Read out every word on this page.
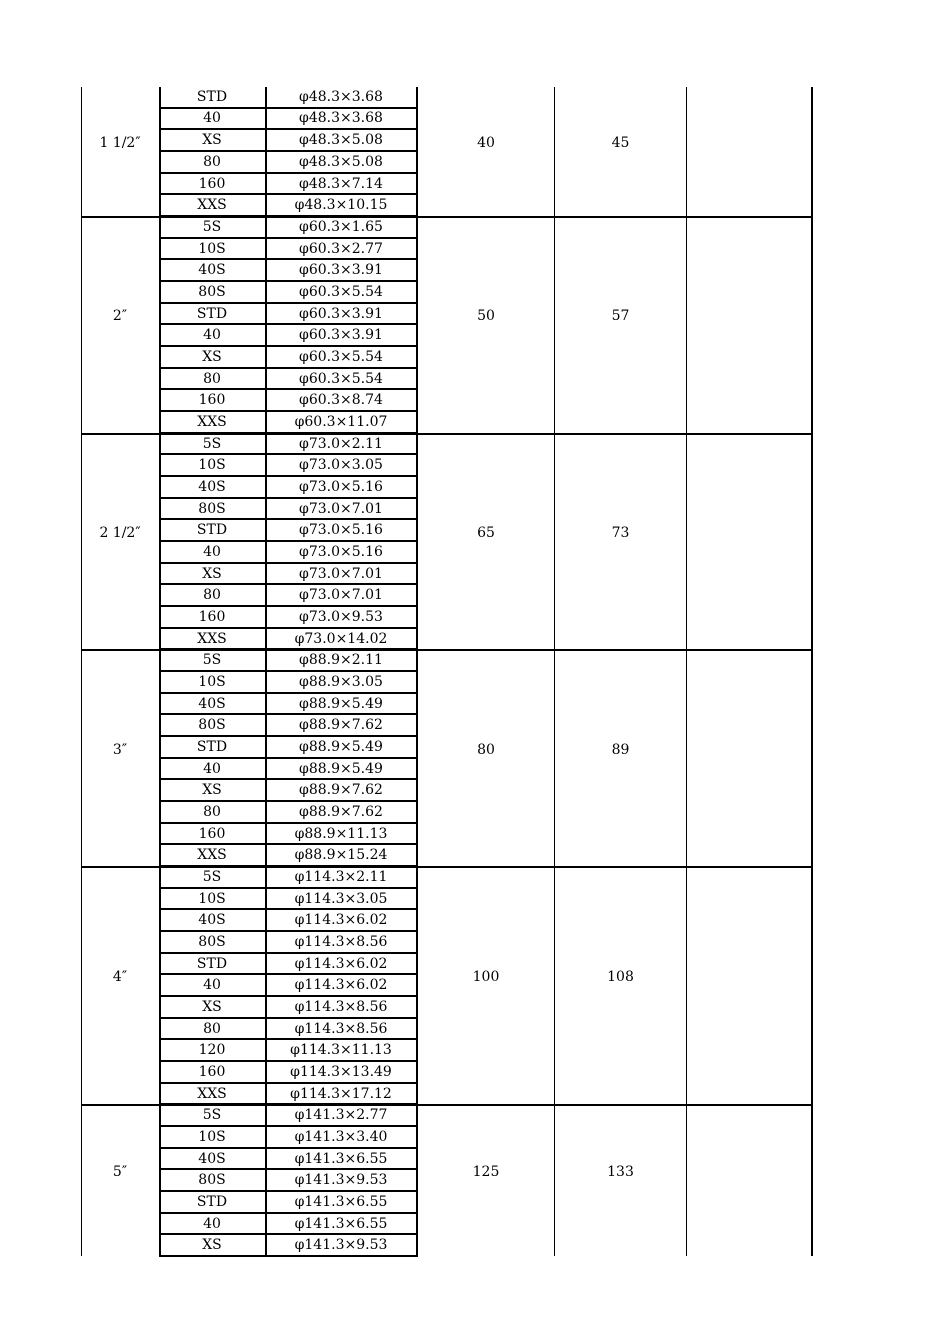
1 1/2″	40	45
STD	φ48.3×3.68
40	φ48.3×3.68
XS	φ48.3×5.08
80	φ48.3×5.08
160	φ48.3×7.14
XXS	φ48.3×10.15
2″	50	57
5S	φ60.3×1.65
10S	φ60.3×2.77
40S	φ60.3×3.91
80S	φ60.3×5.54
STD	φ60.3×3.91
40	φ60.3×3.91
XS	φ60.3×5.54
80	φ60.3×5.54
160	φ60.3×8.74
XXS	φ60.3×11.07
2 1/2″	65	73
5S	φ73.0×2.11
10S	φ73.0×3.05
40S	φ73.0×5.16
80S	φ73.0×7.01
STD	φ73.0×5.16
40	φ73.0×5.16
XS	φ73.0×7.01
80	φ73.0×7.01
160	φ73.0×9.53
XXS	φ73.0×14.02
3″	80	89
5S	φ88.9×2.11
10S	φ88.9×3.05
40S	φ88.9×5.49
80S	φ88.9×7.62
STD	φ88.9×5.49
40	φ88.9×5.49
XS	φ88.9×7.62
80	φ88.9×7.62
160	φ88.9×11.13
XXS	φ88.9×15.24
4″	100	108
5S	φ114.3×2.11
10S	φ114.3×3.05
40S	φ114.3×6.02
80S	φ114.3×8.56
STD	φ114.3×6.02
40	φ114.3×6.02
XS	φ114.3×8.56
80	φ114.3×8.56
120	φ114.3×11.13
160	φ114.3×13.49
XXS	φ114.3×17.12
5″	125	133
5S	φ141.3×2.77
10S	φ141.3×3.40
40S	φ141.3×6.55
80S	φ141.3×9.53
STD	φ141.3×6.55
40	φ141.3×6.55
XS	φ141.3×9.53
